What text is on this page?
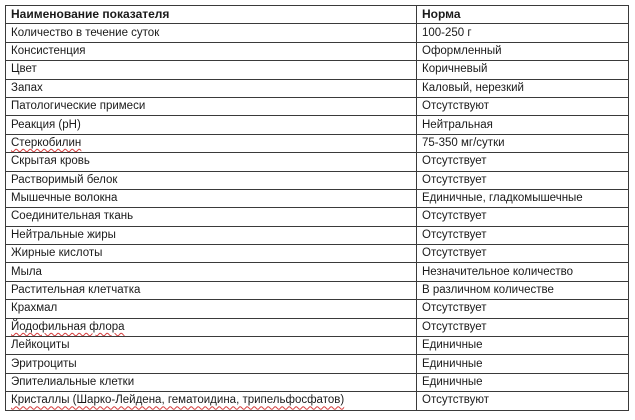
Наименование показателя	Норма
Количество в течение суток	100-250 г
Консистенция	Оформленный
Цвет	Коричневый
Запах	Каловый, нерезкий
Патологические примеси	Отсутствуют
Реакция (pH)	Нейтральная
Стеркобилин	75-350 мг/сутки
Скрытая кровь	Отсутствует
Растворимый белок	Отсутствует
Мышечные волокна	Единичные, гладкомышечные
Соединительная ткань	Отсутствует
Нейтральные жиры	Отсутствует
Жирные кислоты	Отсутствует
Мыла	Незначительное количество
Растительная клетчатка	В различном количестве
Крахмал	Отсутствует
Йодофильная флора	Отсутствует
Лейкоциты	Единичные
Эритроциты	Единичные
Эпителиальные клетки	Единичные
Кристаллы (Шарко-Лейдена, гематоидина, трипельфосфатов)	Отсутствуют
